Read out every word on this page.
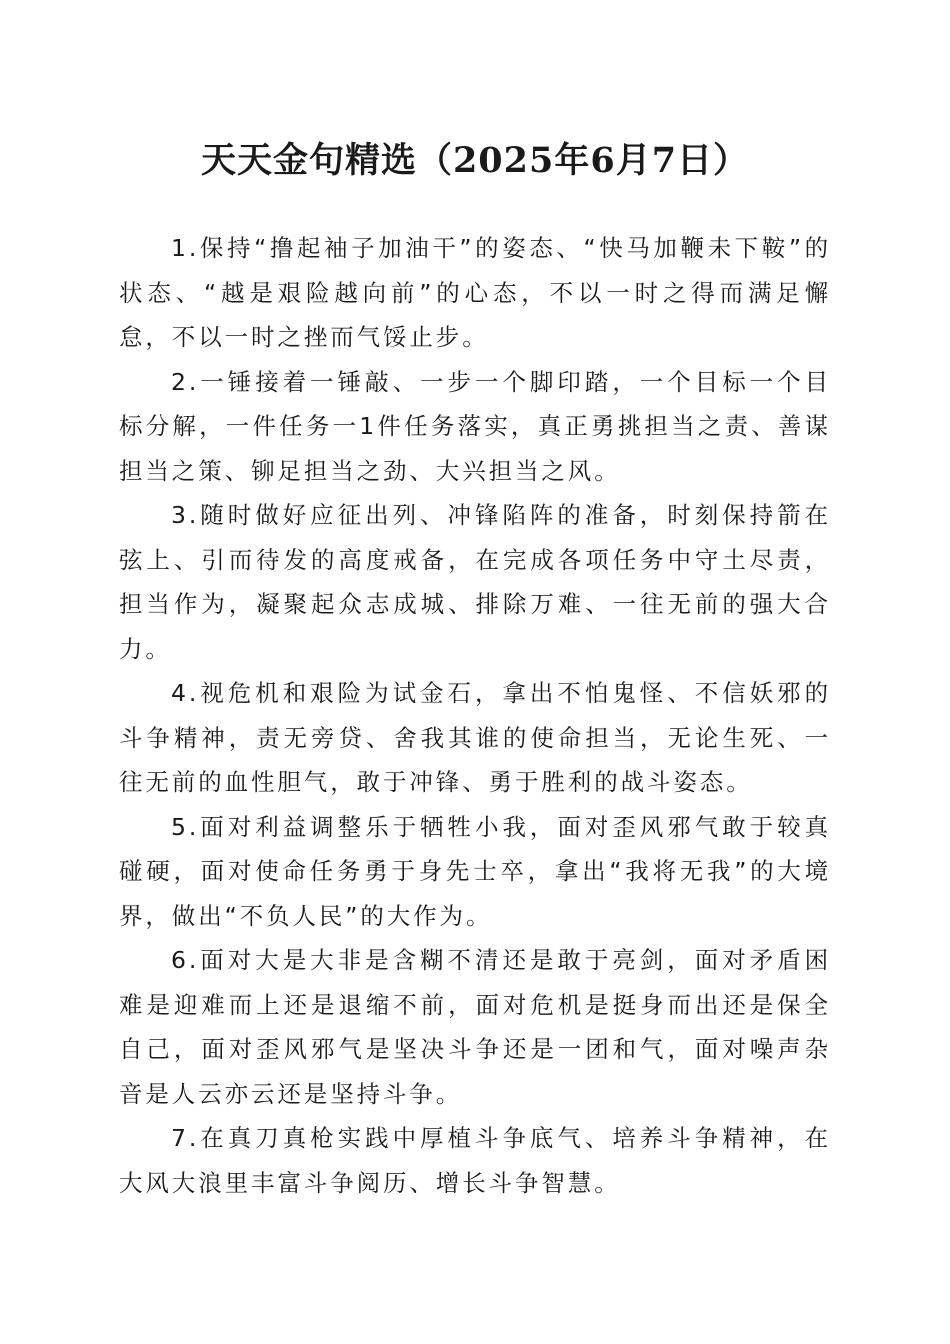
天天金句精选（2025年6月7日）

1.保持“撸起袖子加油干”的姿态、“快马加鞭未下鞍”的状态、“越是艰险越向前”的心态，不以一时之得而满足懈怠，不以一时之挫而气馁止步。

2.一锤接着一锤敲、一步一个脚印踏，一个目标一个目标分解，一件任务一1件任务落实，真正勇挑担当之责、善谋担当之策、铆足担当之劲、大兴担当之风。

3.随时做好应征出列、冲锋陷阵的准备，时刻保持箭在弦上、引而待发的高度戒备，在完成各项任务中守土尽责，担当作为，凝聚起众志成城、排除万难、一往无前的强大合力。

4.视危机和艰险为试金石，拿出不怕鬼怪、不信妖邪的斗争精神，责无旁贷、舍我其谁的使命担当，无论生死、一往无前的血性胆气，敢于冲锋、勇于胜利的战斗姿态。

5.面对利益调整乐于牺牲小我，面对歪风邪气敢于较真碰硬，面对使命任务勇于身先士卒，拿出“我将无我”的大境界，做出“不负人民”的大作为。

6.面对大是大非是含糊不清还是敢于亮剑，面对矛盾困难是迎难而上还是退缩不前，面对危机是挺身而出还是保全自己，面对歪风邪气是坚决斗争还是一团和气，面对噪声杂音是人云亦云还是坚持斗争。

7.在真刀真枪实践中厚植斗争底气、培养斗争精神，在大风大浪里丰富斗争阅历、增长斗争智慧。
